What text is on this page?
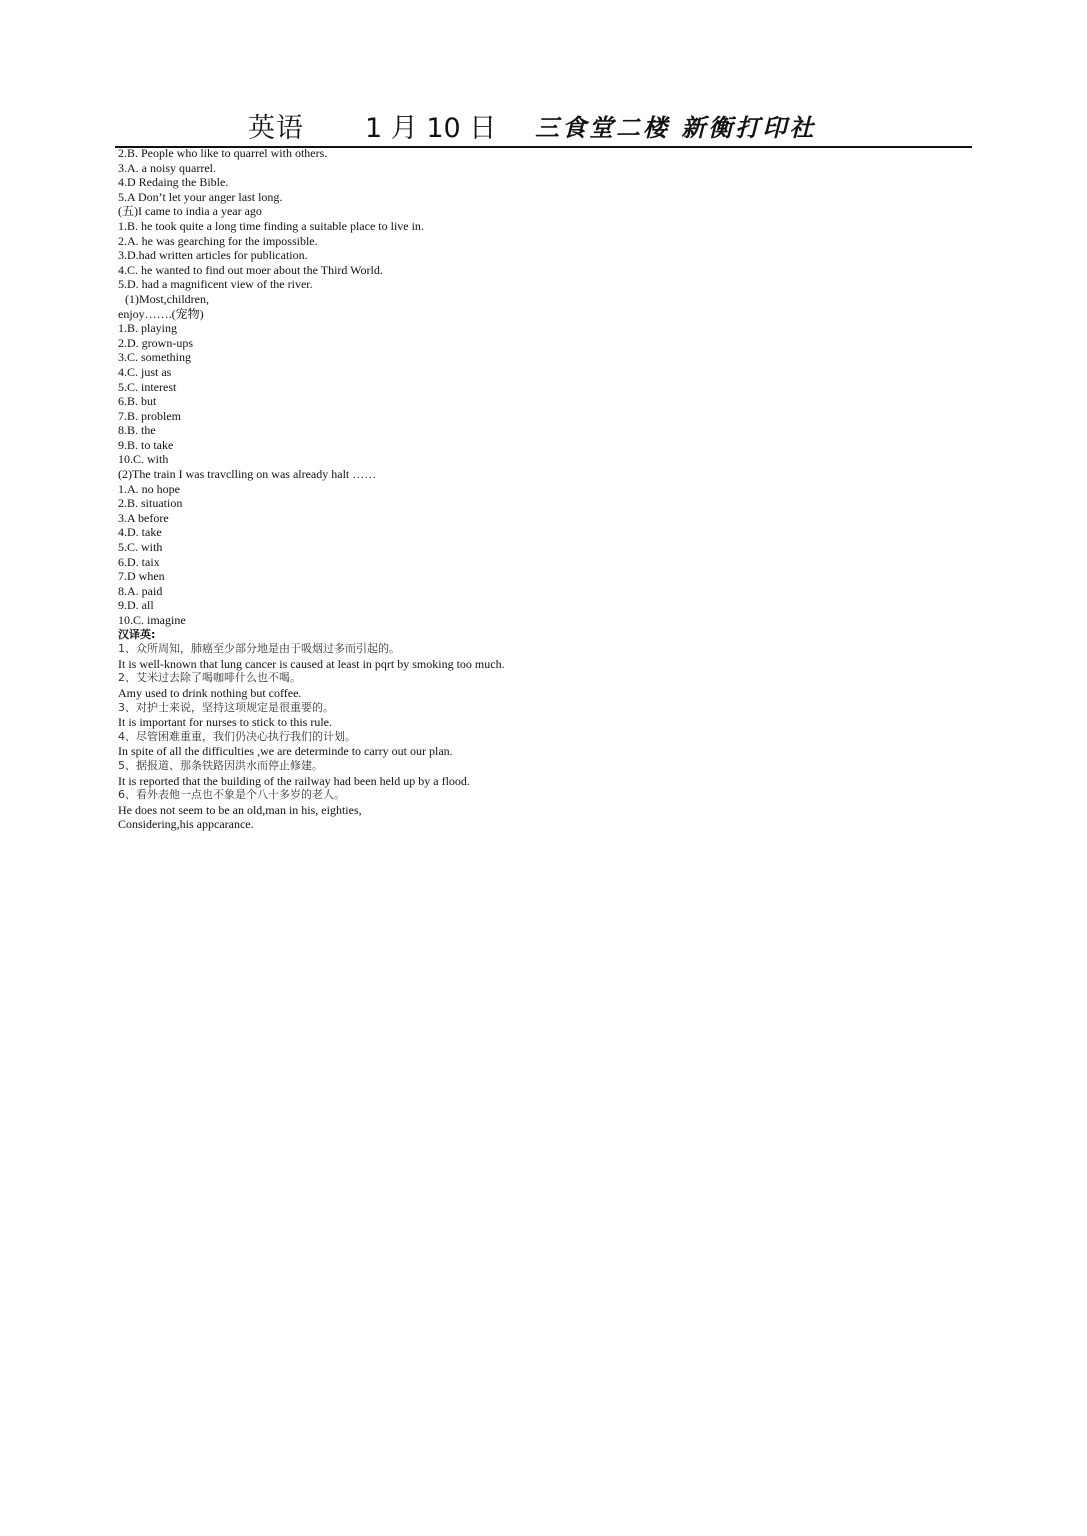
英语 1 月 10 日 三食堂二楼 新衡打印社
2.B. People who like to quarrel with others.
3.A. a noisy quarrel.
4.D Redaing the Bible.
5.A Don’t let your anger last long.
(五)I came to india a year ago
1.B. he took quite a long time finding a suitable place to live in.
2.A. he was gearching for the impossible.
3.D.had written articles for publication.
4.C. he wanted to find out moer about the Third World.
5.D. had a magnificent view of the river.
(1)Most,children,
enjoy…….(宠物)
1.B. playing
2.D. grown-ups
3.C. something
4.C. just as
5.C. interest
6.B. but
7.B. problem
8.B. the
9.B. to take
10.C. with
(2)The train I was travclling on was already halt ……
1.A. no hope
2.B. situation
3.A before
4.D. take
5.C. with
6.D. taix
7.D when
8.A. paid
9.D. all
10.C. imagine
汉译英:
1、众所周知，肺癌至少部分地是由于吸烟过多而引起的。
It is well-known that lung cancer is caused at least in pqrt by smoking too much.
2、艾米过去除了喝咖啡什么也不喝。
Amy used to drink nothing but coffee.
3、对护士来说，坚持这项规定是很重要的。
It is important for nurses to stick to this rule.
4、尽管困难重重，我们仍决心执行我们的计划。
In spite of all the difficulties ,we are determinde to carry out our plan.
5、据报道、那条铁路因洪水而停止修建。
It is reported that the building of the railway had been held up by a flood.
6、看外表他一点也不象是个八十多岁的老人。
He does not seem to be an old,man in his, eighties,
Considering,his appcarance.
